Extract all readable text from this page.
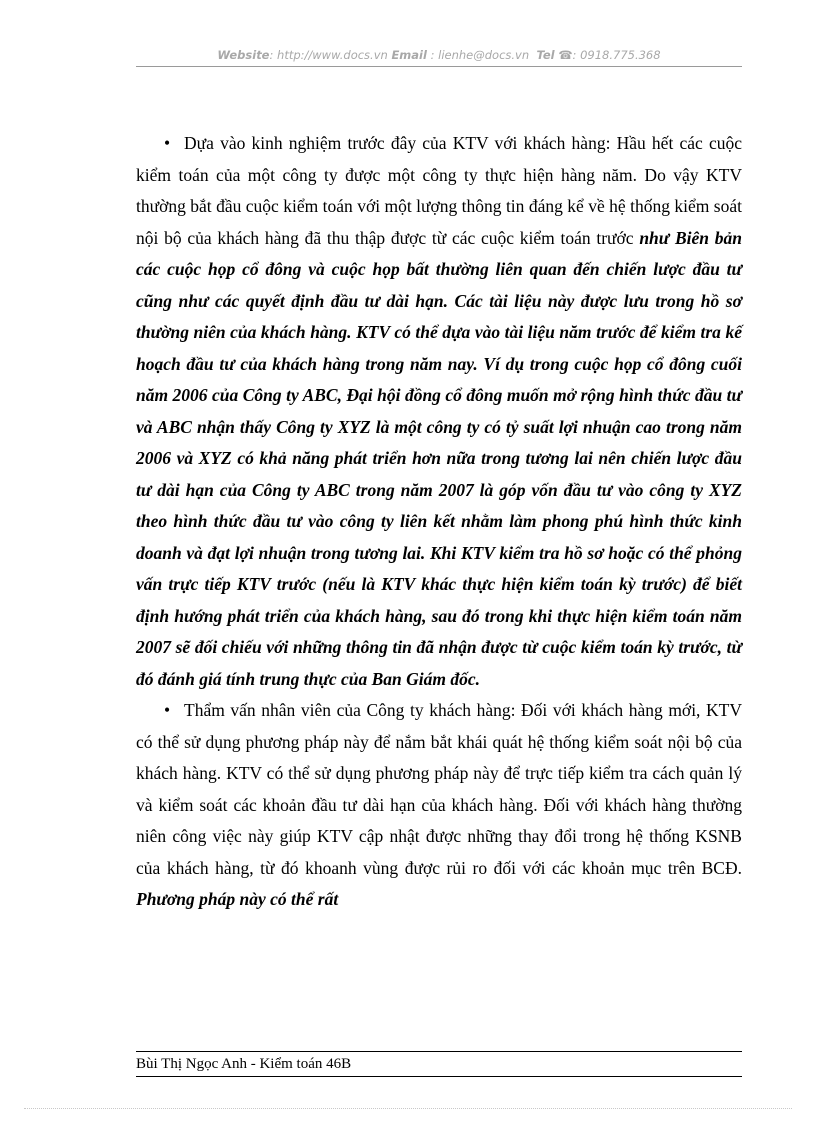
Website: http://www.docs.vn Email : lienhe@docs.vn Tel ☎: 0918.775.368

• Dựa vào kinh nghiệm trước đây của KTV với khách hàng: Hầu hết các cuộc kiểm toán của một công ty được một công ty thực hiện hàng năm. Do vậy KTV thường bắt đầu cuộc kiểm toán với một lượng thông tin đáng kể về hệ thống kiểm soát nội bộ của khách hàng đã thu thập được từ các cuộc kiểm toán trước như Biên bản các cuộc họp cổ đông và cuộc họp bất thường liên quan đến chiến lược đầu tư cũng như các quyết định đầu tư dài hạn. Các tài liệu này được lưu trong hồ sơ thường niên của khách hàng. KTV có thể dựa vào tài liệu năm trước để kiểm tra kế hoạch đầu tư của khách hàng trong năm nay. Ví dụ trong cuộc họp cổ đông cuối năm 2006 của Công ty ABC, Đại hội đồng cổ đông muốn mở rộng hình thức đầu tư và ABC nhận thấy Công ty XYZ là một công ty có tỷ suất lợi nhuận cao trong năm 2006 và XYZ có khả năng phát triển hơn nữa trong tương lai nên chiến lược đầu tư dài hạn của Công ty ABC trong năm 2007 là góp vốn đầu tư vào công ty XYZ theo hình thức đầu tư vào công ty liên kết nhằm làm phong phú hình thức kinh doanh và đạt lợi nhuận trong tương lai. Khi KTV kiểm tra hồ sơ hoặc có thể phỏng vấn trực tiếp KTV trước (nếu là KTV khác thực hiện kiểm toán kỳ trước) để biết định hướng phát triển của khách hàng, sau đó trong khi thực hiện kiểm toán năm 2007 sẽ đối chiếu với những thông tin đã nhận được từ cuộc kiểm toán kỳ trước, từ đó đánh giá tính trung thực của Ban Giám đốc.

• Thẩm vấn nhân viên của Công ty khách hàng: Đối với khách hàng mới, KTV có thể sử dụng phương pháp này để nắm bắt khái quát hệ thống kiểm soát nội bộ của khách hàng. KTV có thể sử dụng phương pháp này để trực tiếp kiểm tra cách quản lý và kiểm soát các khoản đầu tư dài hạn của khách hàng. Đối với khách hàng thường niên công việc này giúp KTV cập nhật được những thay đổi trong hệ thống KSNB của khách hàng, từ đó khoanh vùng được rủi ro đối với các khoản mục trên BCĐ. Phương pháp này có thể rất

Bùi Thị Ngọc Anh - Kiểm toán 46B
